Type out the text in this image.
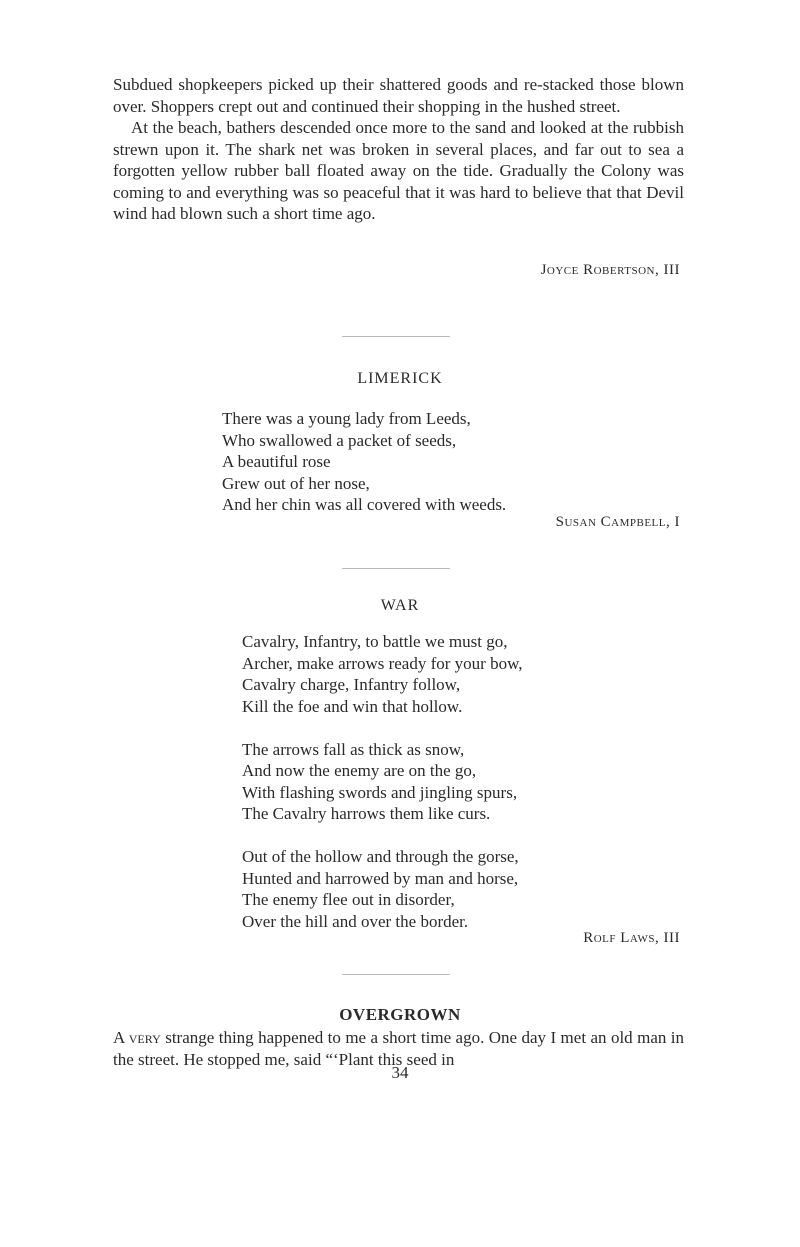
Subdued shopkeepers picked up their shattered goods and re-stacked those blown over. Shoppers crept out and continued their shopping in the hushed street.

At the beach, bathers descended once more to the sand and looked at the rubbish strewn upon it. The shark net was broken in several places, and far out to sea a forgotten yellow rubber ball floated away on the tide. Gradually the Colony was coming to and everything was so peaceful that it was hard to believe that that Devil wind had blown such a short time ago.

Joyce Robertson, III
LIMERICK
There was a young lady from Leeds,
Who swallowed a packet of seeds,
A beautiful rose
Grew out of her nose,
And her chin was all covered with weeds.
Susan Campbell, I
WAR
Cavalry, Infantry, to battle we must go,
Archer, make arrows ready for your bow,
Cavalry charge, Infantry follow,
Kill the foe and win that hollow.
The arrows fall as thick as snow,
And now the enemy are on the go,
With flashing swords and jingling spurs,
The Cavalry harrows them like curs.
Out of the hollow and through the gorse,
Hunted and harrowed by man and horse,
The enemy flee out in disorder,
Over the hill and over the border.
Rolf Laws, III
OVERGROWN

A very strange thing happened to me a short time ago. One day I met an old man in the street. He stopped me, said “‘Plant this seed in

34
